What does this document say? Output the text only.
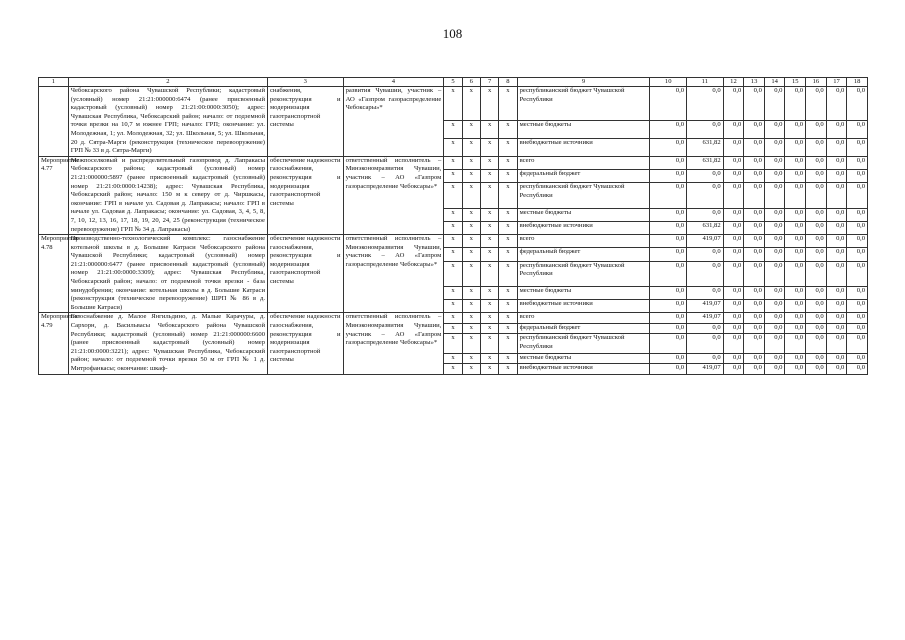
108
1	2	3	4	5	6	7	8	9	10	11	12	13	14	15	16	17	18
	Чебоксарского района Чувашской Республики; кадастровый (условный) номер 21:21:000000:6474 (ранее присвоенный кадастровый (условный) номер 21:21:00:0000:3050); адрес: Чувашская Республика, Чебоксарский район; начало: от подземной точки врезки на 10,7 м южнее ГРП; начало: ГРП; окончание: ул. Молодежная, 1; ул. Молодежная, 32; ул. Школьная, 5; ул. Школьная, 20 д. Сятра-Марги (реконструкция (техническое перевооружение) ГРП № 33 в д. Сятра-Марги)	снабжения, реконструкция и модернизация газотранспортной системы	развития Чувашии, участник – АО «Газпром газораспределение Чебоксары»*	x	x	x	x	республиканский бюджет Чувашской Республики	0,0	0,0	0,0	0,0	0,0	0,0	0,0	0,0	0,0
				x	x	x	x	местные бюджеты	0,0	0,0	0,0	0,0	0,0	0,0	0,0	0,0	0,0
				x	x	x	x	внебюджетные источники	0,0	631,82	0,0	0,0	0,0	0,0	0,0	0,0	0,0
Мероприятие 4.77	Межпоселковый и распределительный газопровод д. Лапракасы Чебоксарского района; кадастровый (условный) номер 21:21:000000:5897 (ранее присвоенный кадастровый (условный) номер 21:21:00:0000:14238); адрес: Чувашская Республика, Чебоксарский район; начало: 150 м к северу от д. Чиршкасы, окончание: ГРП в начале ул. Садовая д. Лапракасы; начало: ГРП в начале ул. Садовая д. Лапракасы; окончание: ул. Садовая, 3, 4, 5, 8, 7, 10, 12, 13, 16, 17, 18, 19, 20, 24, 25 (реконструкция (техническое перевооружение) ГРП № 34 д. Лапракасы)	обеспечение надежности газоснабжения, реконструкция и модернизация газотранспортной системы	ответственный исполнитель – Минэкономразвития Чувашии, участник – АО «Газпром газораспределение Чебоксары»*	x	x	x	x	всего	0,0	631,82	0,0	0,0	0,0	0,0	0,0	0,0	0,0
				x	x	x	x	федеральный бюджет	0,0	0,0	0,0	0,0	0,0	0,0	0,0	0,0	0,0
				x	x	x	x	республиканский бюджет Чувашской Республики	0,0	0,0	0,0	0,0	0,0	0,0	0,0	0,0	0,0
				x	x	x	x	местные бюджеты	0,0	0,0	0,0	0,0	0,0	0,0	0,0	0,0	0,0
				x	x	x	x	внебюджетные источники	0,0	631,82	0,0	0,0	0,0	0,0	0,0	0,0	0,0
Мероприятие 4.78	Производственно-технологический комплекс: газоснабжение котельной школы в д. Большие Катраси Чебоксарского района Чувашской Республики; кадастровый (условный) номер 21:21:000000:6477 (ранее присвоенный кадастровый (условный) номер 21:21:00:0000:3309); адрес: Чувашская Республика, Чебоксарский район; начало: от подземной точки врезки - база минудобрения; окончание: котельная школы в д. Большие Катраси (реконструкция (техническое перевооружение) ШРП № 86 в д. Большие Катраси)	обеспечение надежности газоснабжения, реконструкция и модернизация газотранспортной системы	ответственный исполнитель – Минэкономразвития Чувашии, участник – АО «Газпром газораспределение Чебоксары»*	x	x	x	x	всего	0,0	419,07	0,0	0,0	0,0	0,0	0,0	0,0	0,0
				x	x	x	x	федеральный бюджет	0,0	0,0	0,0	0,0	0,0	0,0	0,0	0,0	0,0
				x	x	x	x	республиканский бюджет Чувашской Республики	0,0	0,0	0,0	0,0	0,0	0,0	0,0	0,0	0,0
				x	x	x	x	местные бюджеты	0,0	0,0	0,0	0,0	0,0	0,0	0,0	0,0	0,0
				x	x	x	x	внебюджетные источники	0,0	419,07	0,0	0,0	0,0	0,0	0,0	0,0	0,0
Мероприятие 4.79	Газоснабжение д. Малое Янгильдино, д. Малые Карачуры, д. Сархорн, д. Васильвасы Чебоксарского района Чувашской Республики; кадастровый (условный) номер 21:21:000000:6600 (ранее присвоенный кадастровый (условный) номер 21:21:00:0000:3221); адрес: Чувашская Республика, Чебоксарский район; начало: от подземной точки врезки 50 м от ГРП № 1 д. Митрофанкасы; окончание: шкаф-	обеспечение надежности газоснабжения, реконструкция и модернизация газотранспортной системы	ответственный исполнитель – Минэкономразвития Чувашии, участник – АО «Газпром газораспределение Чебоксары»*	x	x	x	x	всего	0,0	419,07	0,0	0,0	0,0	0,0	0,0	0,0	0,0
				x	x	x	x	федеральный бюджет	0,0	0,0	0,0	0,0	0,0	0,0	0,0	0,0	0,0
				x	x	x	x	республиканский бюджет Чувашской Республики	0,0	0,0	0,0	0,0	0,0	0,0	0,0	0,0	0,0
				x	x	x	x	местные бюджеты	0,0	0,0	0,0	0,0	0,0	0,0	0,0	0,0	0,0
				x	x	x	x	внебюджетные источники	0,0	419,07	0,0	0,0	0,0	0,0	0,0	0,0	0,0
